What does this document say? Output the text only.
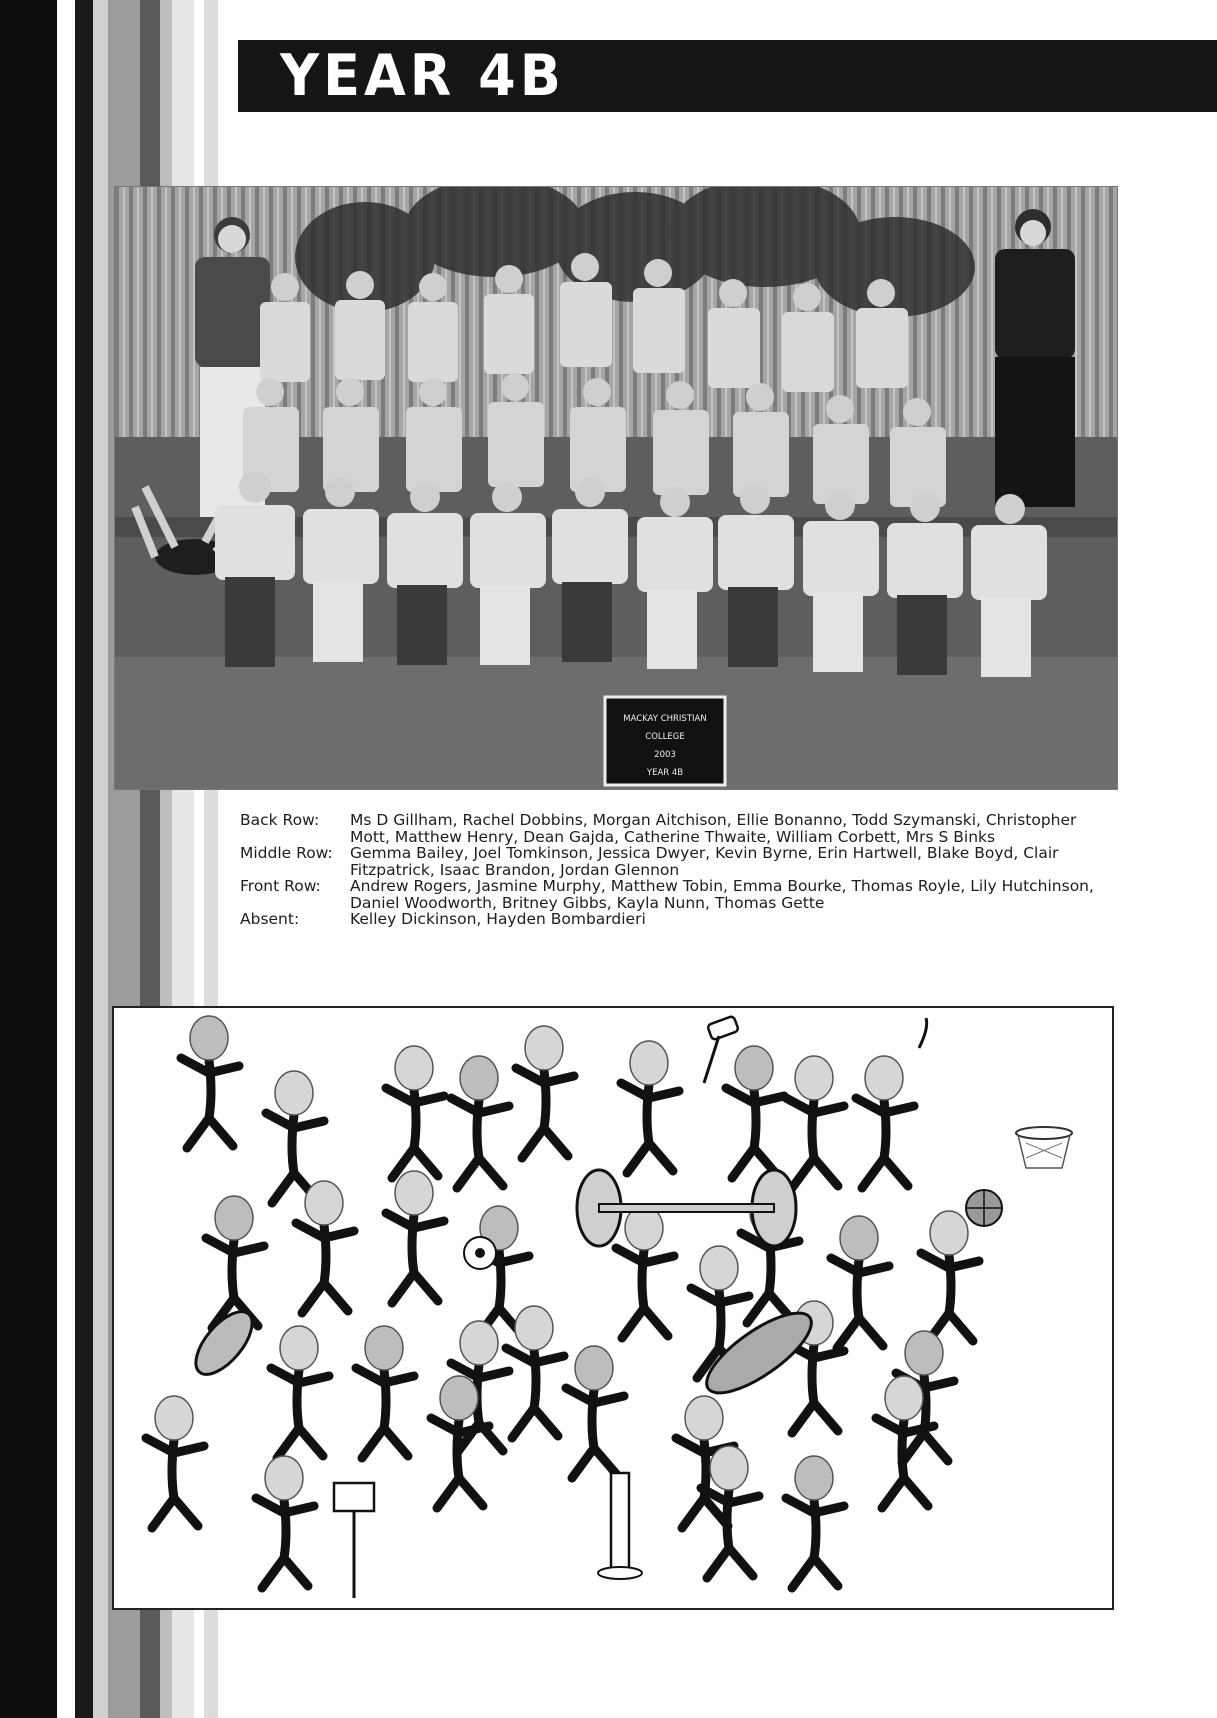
YEAR 4B
MACKAY CHRISTIAN
COLLEGE
2003
YEAR 4B
Back Row:	Ms D Gillham, Rachel Dobbins, Morgan Aitchison, Ellie Bonanno, Todd Szymanski, Christopher Mott, Matthew Henry, Dean Gajda, Catherine Thwaite, William Corbett, Mrs S Binks
Middle Row:	Gemma Bailey, Joel Tomkinson, Jessica Dwyer, Kevin Byrne, Erin Hartwell, Blake Boyd, Clair Fitzpatrick, Isaac Brandon, Jordan Glennon
Front Row:	Andrew Rogers, Jasmine Murphy, Matthew Tobin, Emma Bourke, Thomas Royle, Lily Hutchinson, Daniel Woodworth, Britney Gibbs, Kayla Nunn, Thomas Gette
Absent:	Kelley Dickinson, Hayden Bombardieri
